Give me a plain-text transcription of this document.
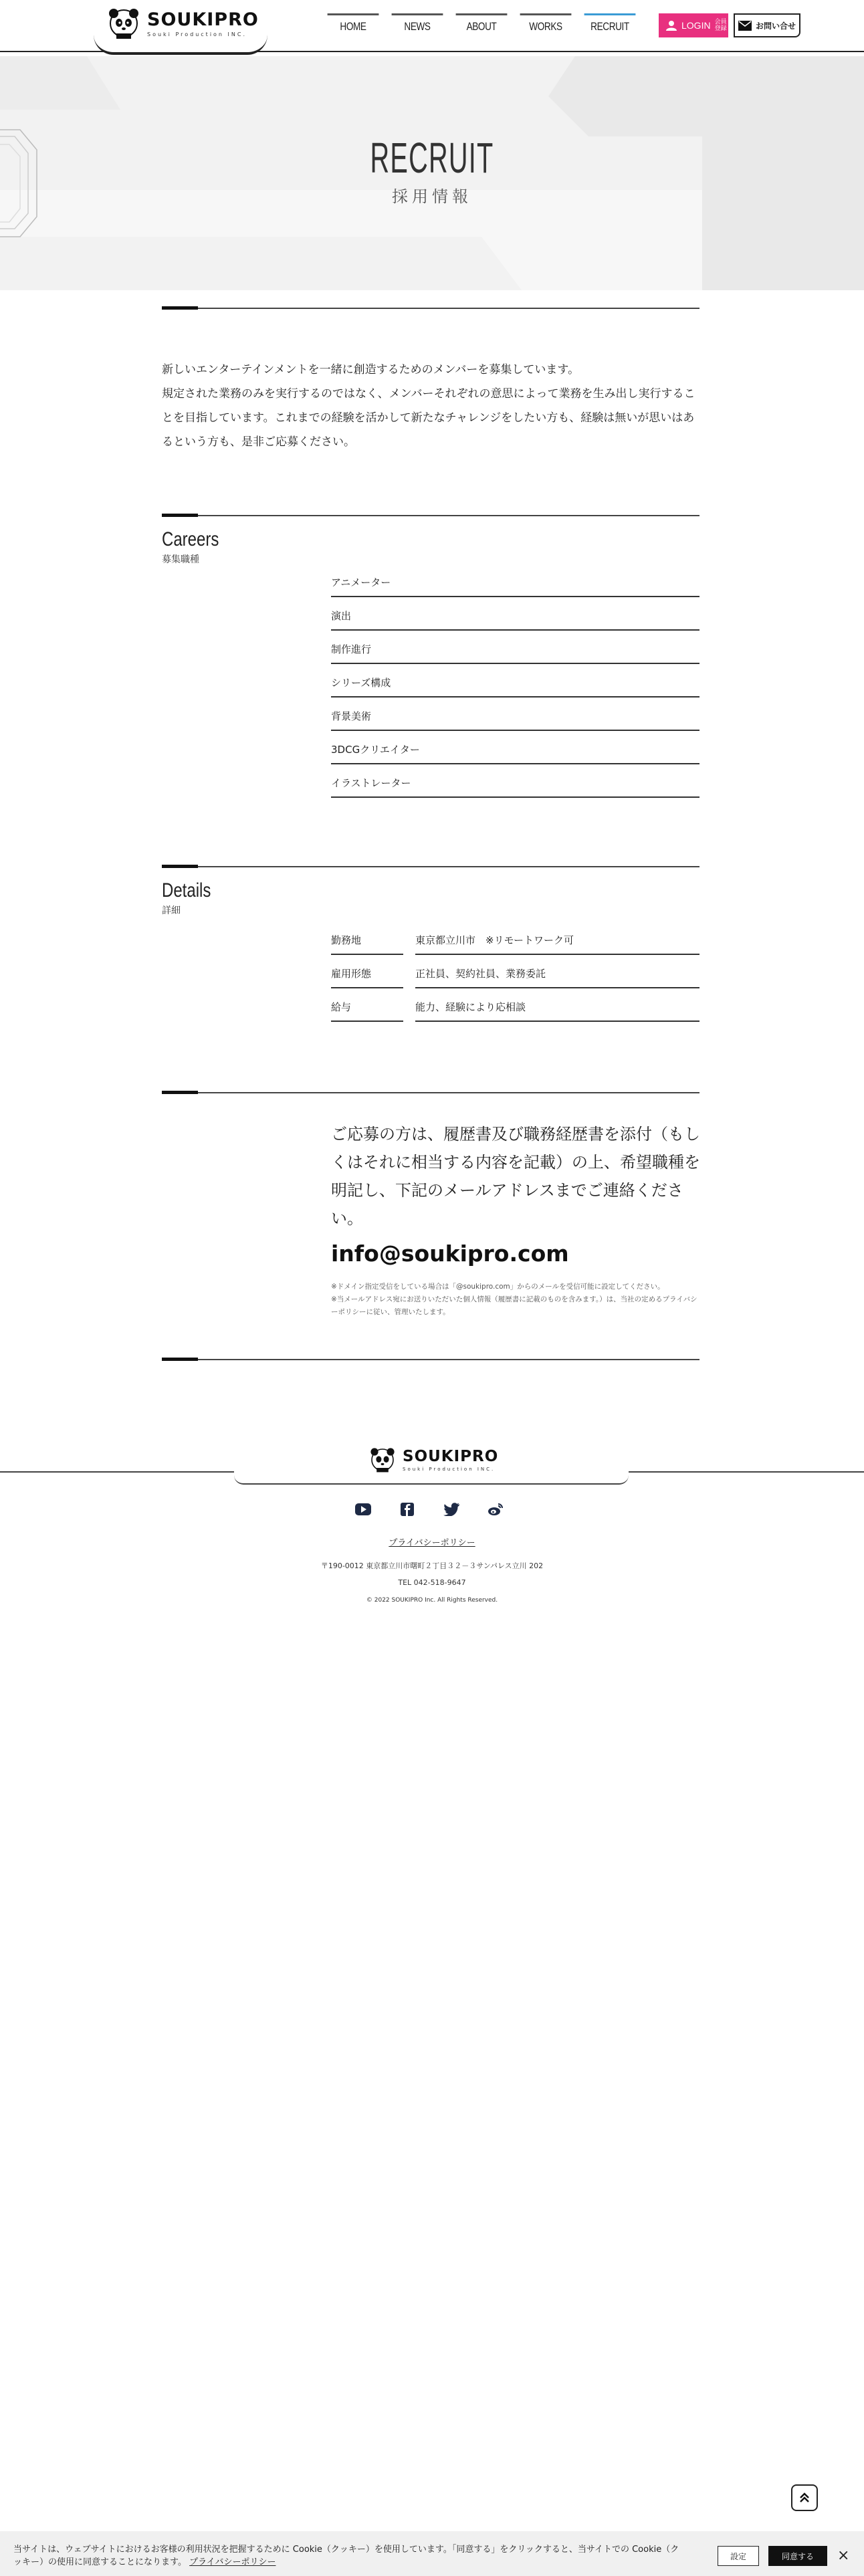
SOUKIPRO
Souki Production INC.
HOME	NEWS	ABOUT	WORKS	RECRUIT	LOGIN 会員登録	お問い合せ
RECRUIT
採用情報

新しいエンターテインメントを一緒に創造するためのメンバーを募集しています。

規定された業務のみを実行するのではなく、メンバーそれぞれの意思によって業務を生み出し実行することを目指しています。これまでの経験を活かして新たなチャレンジをしたい方も、経験は無いが思いはあるという方も、是非ご応募ください。

Careers
募集職種
アニメーター
演出
制作進行
シリーズ構成
背景美術
3DCGクリエイター
イラストレーター
Details
詳細
勤務地	東京都立川市　※リモートワーク可
雇用形態	正社員、契約社員、業務委託
給与	能力、経験により応相談
ご応募の方は、履歴書及び職務経歴書を添付（もしくはそれに相当する内容を記載）の上、希望職種を明記し、下記のメールアドレスまでご連絡ください。
info@soukipro.com

※ドメイン指定受信をしている場合は「@soukipro.com」からのメールを受信可能に設定してください。

※当メールアドレス宛にお送りいただいた個人情報（履歴書に記載のものを含みます。）は、当社の定めるプライバシーポリシーに従い、管理いたします。

SOUKIPRO
Souki Production INC.
プライバシーポリシー
〒190-0012 東京都立川市曙町２丁目３２－３サンパレス立川 202
TEL 042-518-9647
© 2022 SOUKIPRO Inc. All Rights Reserved.
当サイトは、ウェブサイトにおけるお客様の利用状況を把握するために Cookie（クッキー）を使用しています。「同意する」をクリックすると、当サイトでの Cookie（クッキー）の使用に同意することになります。 プライバシーポリシー
設定	同意する	×
